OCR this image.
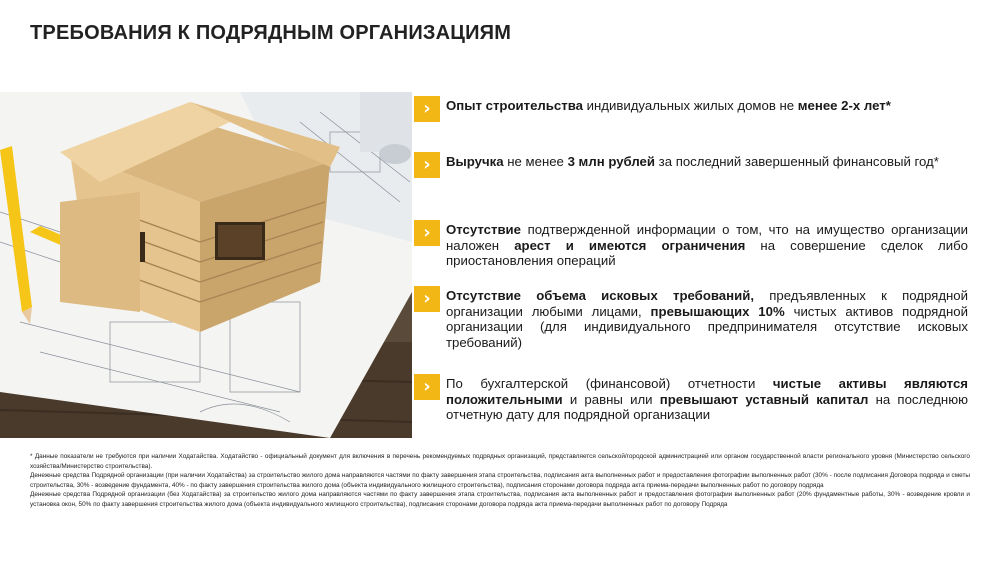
ТРЕБОВАНИЯ К ПОДРЯДНЫМ ОРГАНИЗАЦИЯМ
› Опыт строительства индивидуальных жилых домов не менее 2-х лет*
› Выручка не менее 3 млн рублей за последний завершенный финансовый год*
› Отсутствие подтвержденной информации о том, что на имущество организации наложен арест и имеются ограничения на совершение сделок либо приостановления операций
› Отсутствие объема исковых требований, предъявленных к подрядной организации любыми лицами, превышающих 10% чистых активов подрядной организации (для индивидуального предпринимателя отсутствие исковых требований)
› По бухгалтерской (финансовой) отчетности чистые активы являются положительными и равны или превышают уставный капитал на последнюю отчетную дату для подрядной организации

* Данные показатели не требуются при наличии Ходатайства. Ходатайство - официальный документ для включения в перечень рекомендуемых подрядных организаций, представляется сельской/городской администрацией или органом государственной власти регионального уровня (Министерство сельского хозяйства/Министерство строительства).

Денежные средства Подрядной организации (при наличии Ходатайства) за строительство жилого дома направляются частями по факту завершения этапа строительства, подписания акта выполненных работ и предоставления фотографии выполненных работ (30% - после подписания Договора подряда и сметы строительства, 30% - возведение фундамента, 40% - по факту завершения строительства жилого дома (объекта индивидуального жилищного строительства), подписания сторонами договора подряда акта приема-передачи выполненных работ по договору подряда

Денежные средства Подрядной организации (без Ходатайства) за строительство жилого дома направляются частями по факту завершения этапа строительства, подписания акта выполненных работ и предоставления фотографии выполненных работ (20% фундаментные работы, 30% - возведение кровли и установка окон, 50% по факту завершения строительства жилого дома (объекта индивидуального жилищного строительства), подписания сторонами договора подряда акта приема-передачи выполненных работ по договору Подряда
